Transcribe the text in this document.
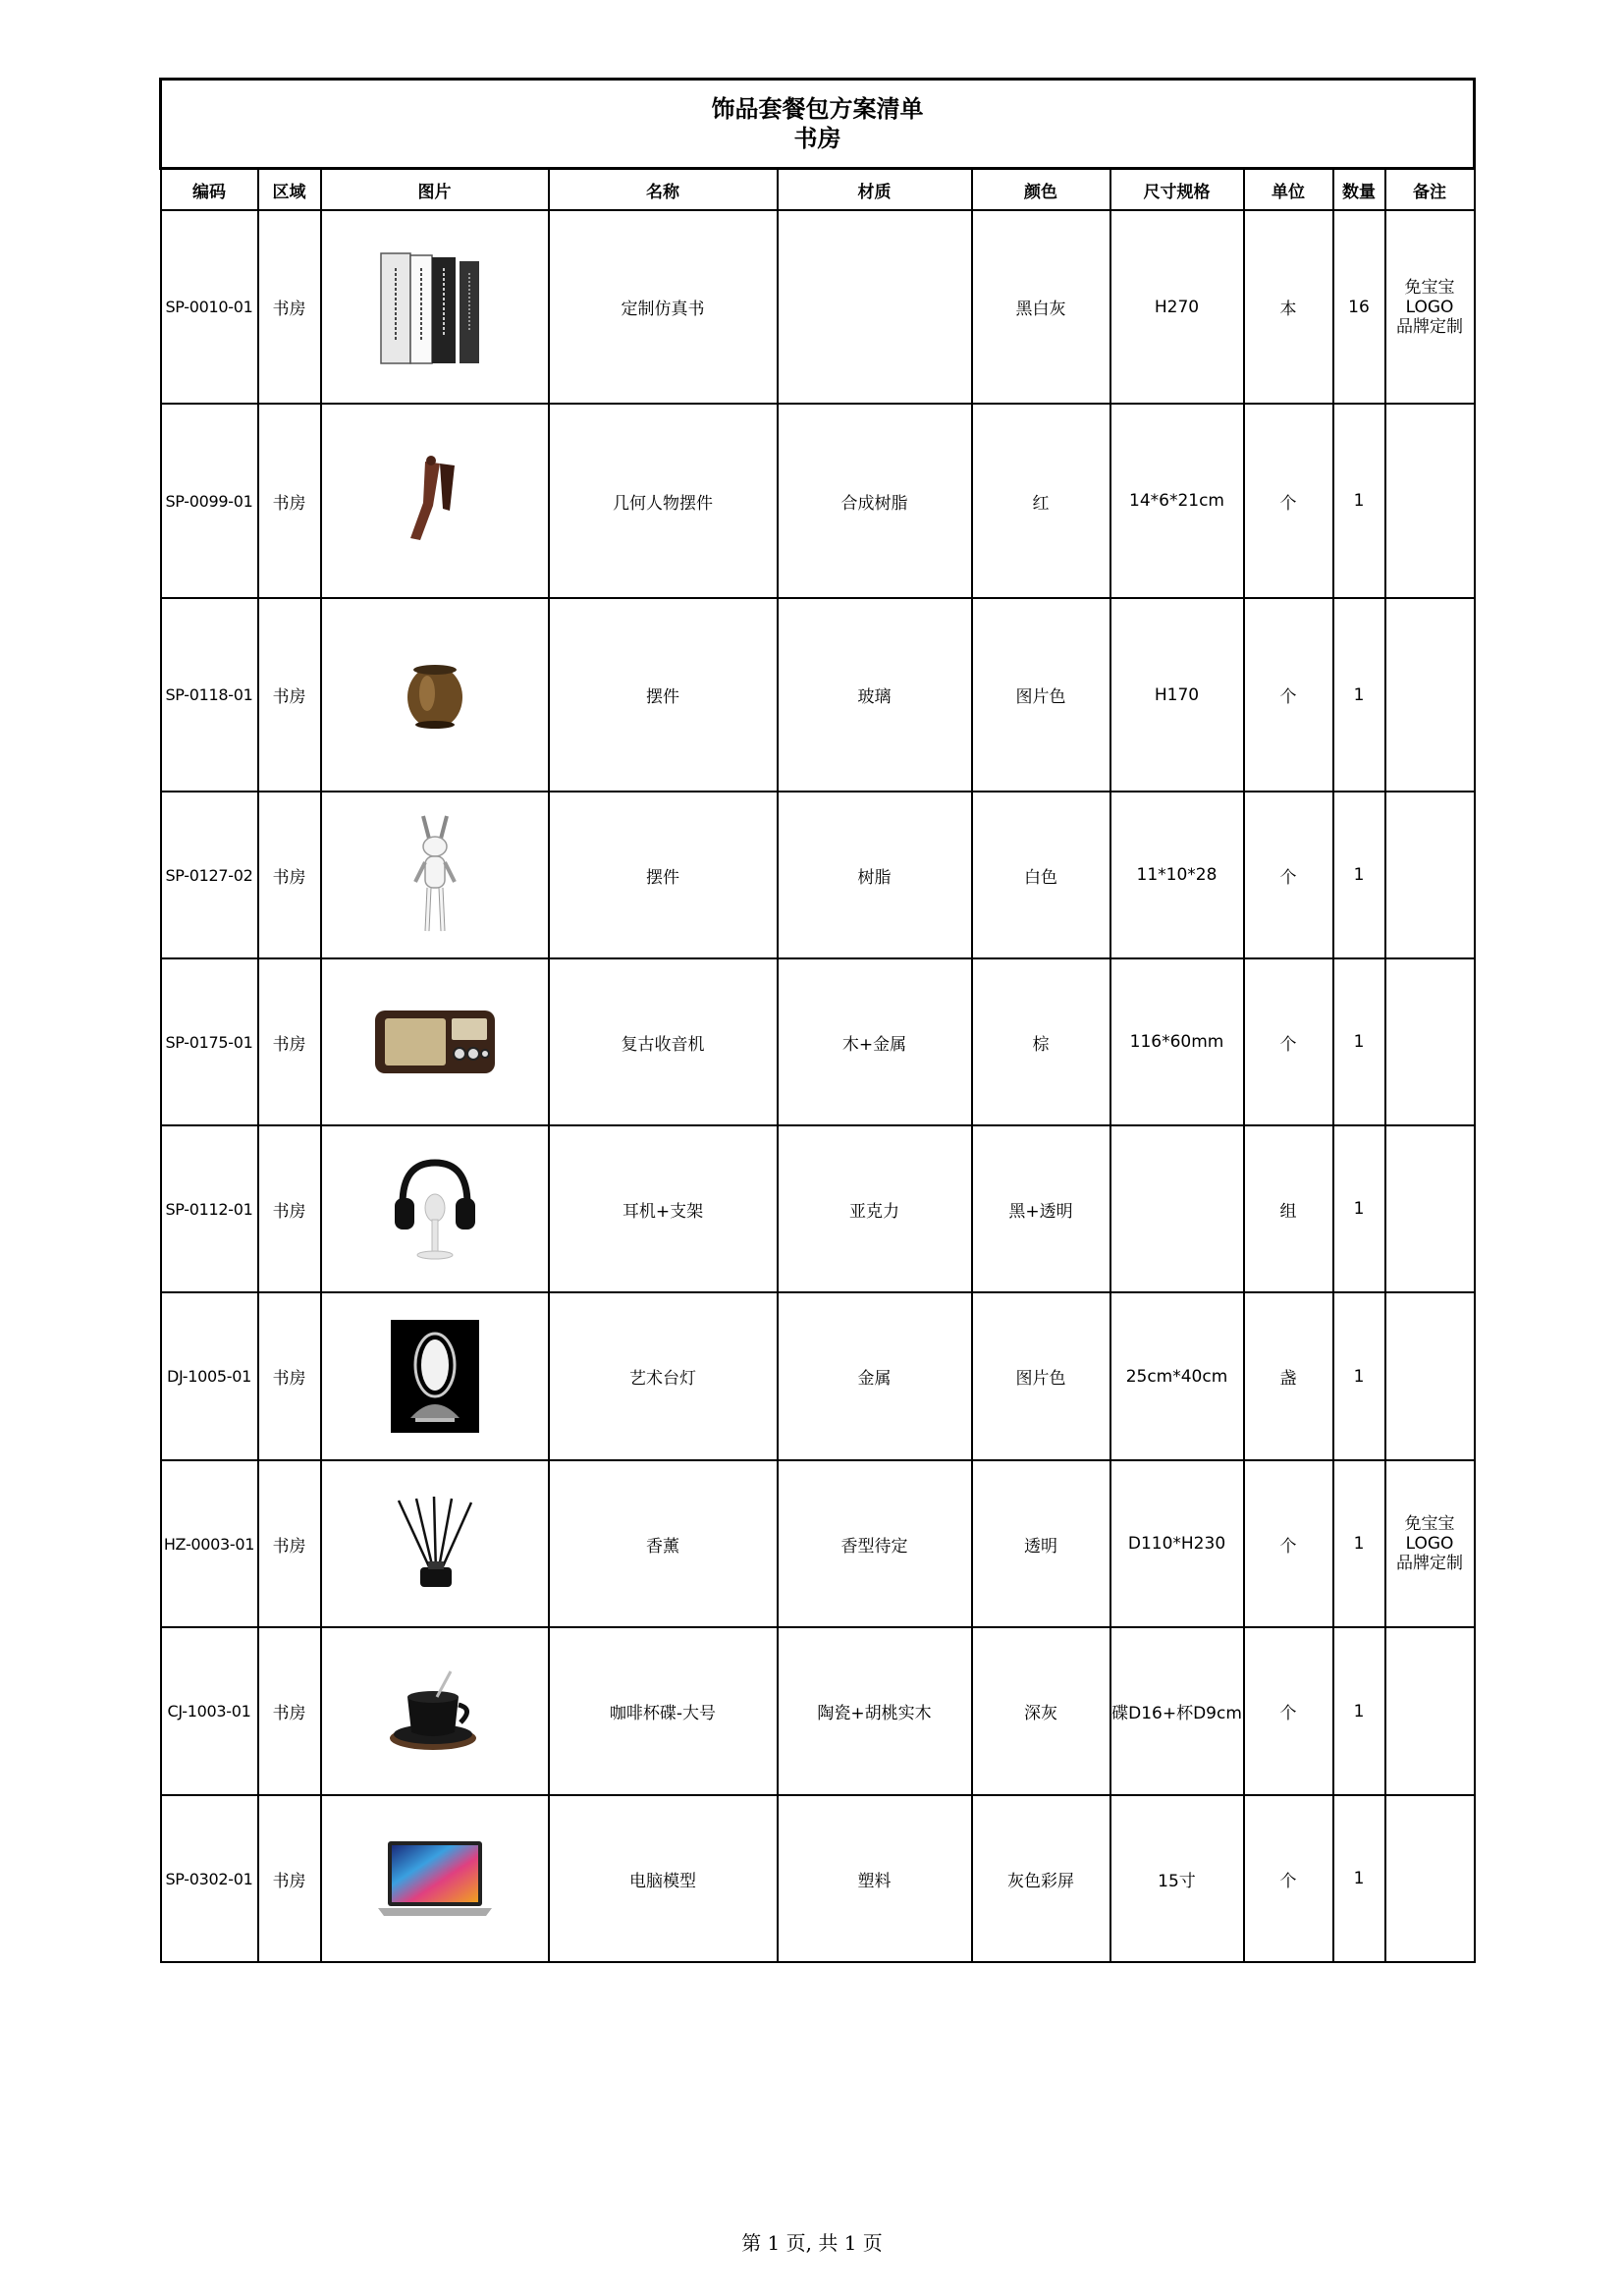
饰品套餐包方案清单
书房									

编码	区域	图片	名称	材质	颜色	尺寸规格	单位	数量	备注
SP-0010-01	书房		定制仿真书		黑白灰	H270	本	16	免宝宝
LOGO
品牌定制

SP-0099-01	书房		几何人物摆件	合成树脂	红	14*6*21cm	个	1	
SP-0118-01	书房		摆件	玻璃	图片色	H170	个	1	
SP-0127-02	书房		摆件	树脂	白色	11*10*28	个	1	
SP-0175-01	书房		复古收音机	木+金属	棕	116*60mm	个	1	
SP-0112-01	书房		耳机+支架	亚克力	黑+透明		组	1	
DJ-1005-01	书房		艺术台灯	金属	图片色	25cm*40cm	盏	1	
HZ-0003-01	书房		香薰	香型待定	透明	D110*H230	个	1	免宝宝
LOGO
品牌定制

CJ-1003-01	书房		咖啡杯碟-大号	陶瓷+胡桃实木	深灰	碟D16+杯D9cm	个	1	
SP-0302-01	书房		电脑模型	塑料	灰色彩屏	15寸	个	1	
第 1 页, 共 1 页
